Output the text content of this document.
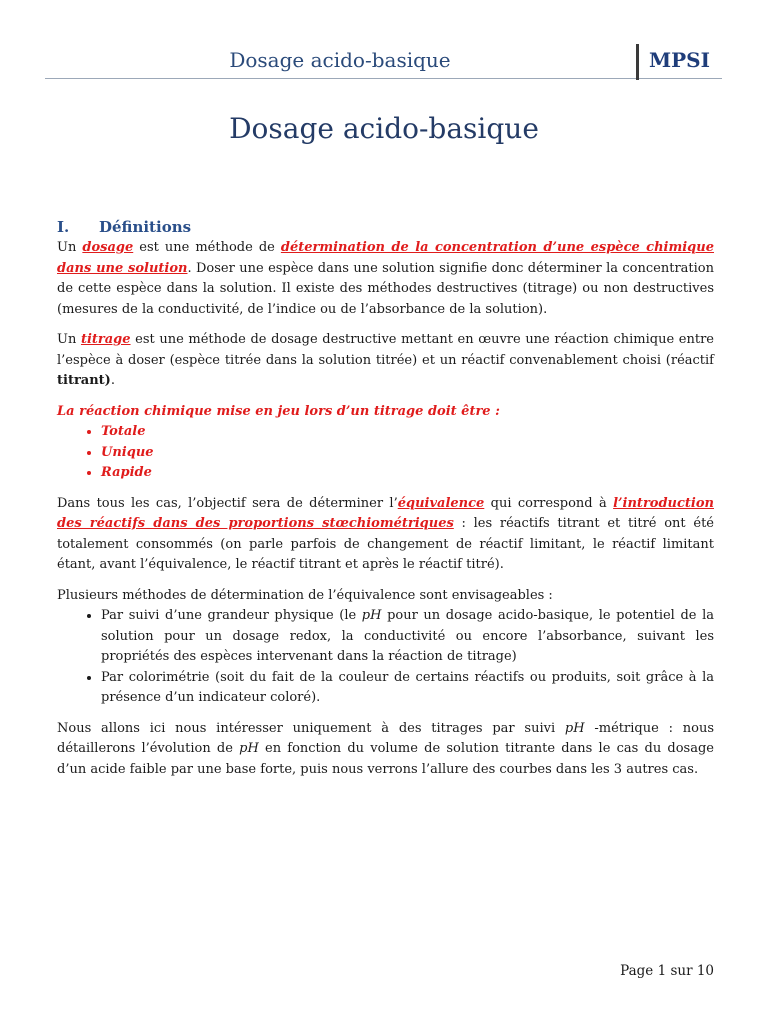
Dosage acido-basique	MPSI
Dosage acido-basique
I. Définitions

Un dosage est une méthode de détermination de la concentration d’une espèce chimique dans une solution. Doser une espèce dans une solution signifie donc déterminer la concentration de cette espèce dans la solution. Il existe des méthodes destructives (titrage) ou non destructives (mesures de la conductivité, de l’indice ou de l’absorbance de la solution).

Un titrage est une méthode de dosage destructive mettant en œuvre une réaction chimique entre l’espèce à doser (espèce titrée dans la solution titrée) et un réactif convenablement choisi (réactif titrant).

La réaction chimique mise en jeu lors d’un titrage doit être :
• Totale
• Unique
• Rapide

Dans tous les cas, l’objectif sera de déterminer l’équivalence qui correspond à l’introduction des réactifs dans des proportions stœchiométriques : les réactifs titrant et titré ont été totalement consommés (on parle parfois de changement de réactif limitant, le réactif limitant étant, avant l’équivalence, le réactif titrant et après le réactif titré).

Plusieurs méthodes de détermination de l’équivalence sont envisageables :
• Par suivi d’une grandeur physique (le pH pour un dosage acido-basique, le potentiel de la solution pour un dosage redox, la conductivité ou encore l’absorbance, suivant les propriétés des espèces intervenant dans la réaction de titrage)
• Par colorimétrie (soit du fait de la couleur de certains réactifs ou produits, soit grâce à la présence d’un indicateur coloré).

Nous allons ici nous intéresser uniquement à des titrages par suivi pH -métrique : nous détaillerons l’évolution de pH en fonction du volume de solution titrante dans le cas du dosage d’un acide faible par une base forte, puis nous verrons l’allure des courbes dans les 3 autres cas.

Page 1 sur 10
